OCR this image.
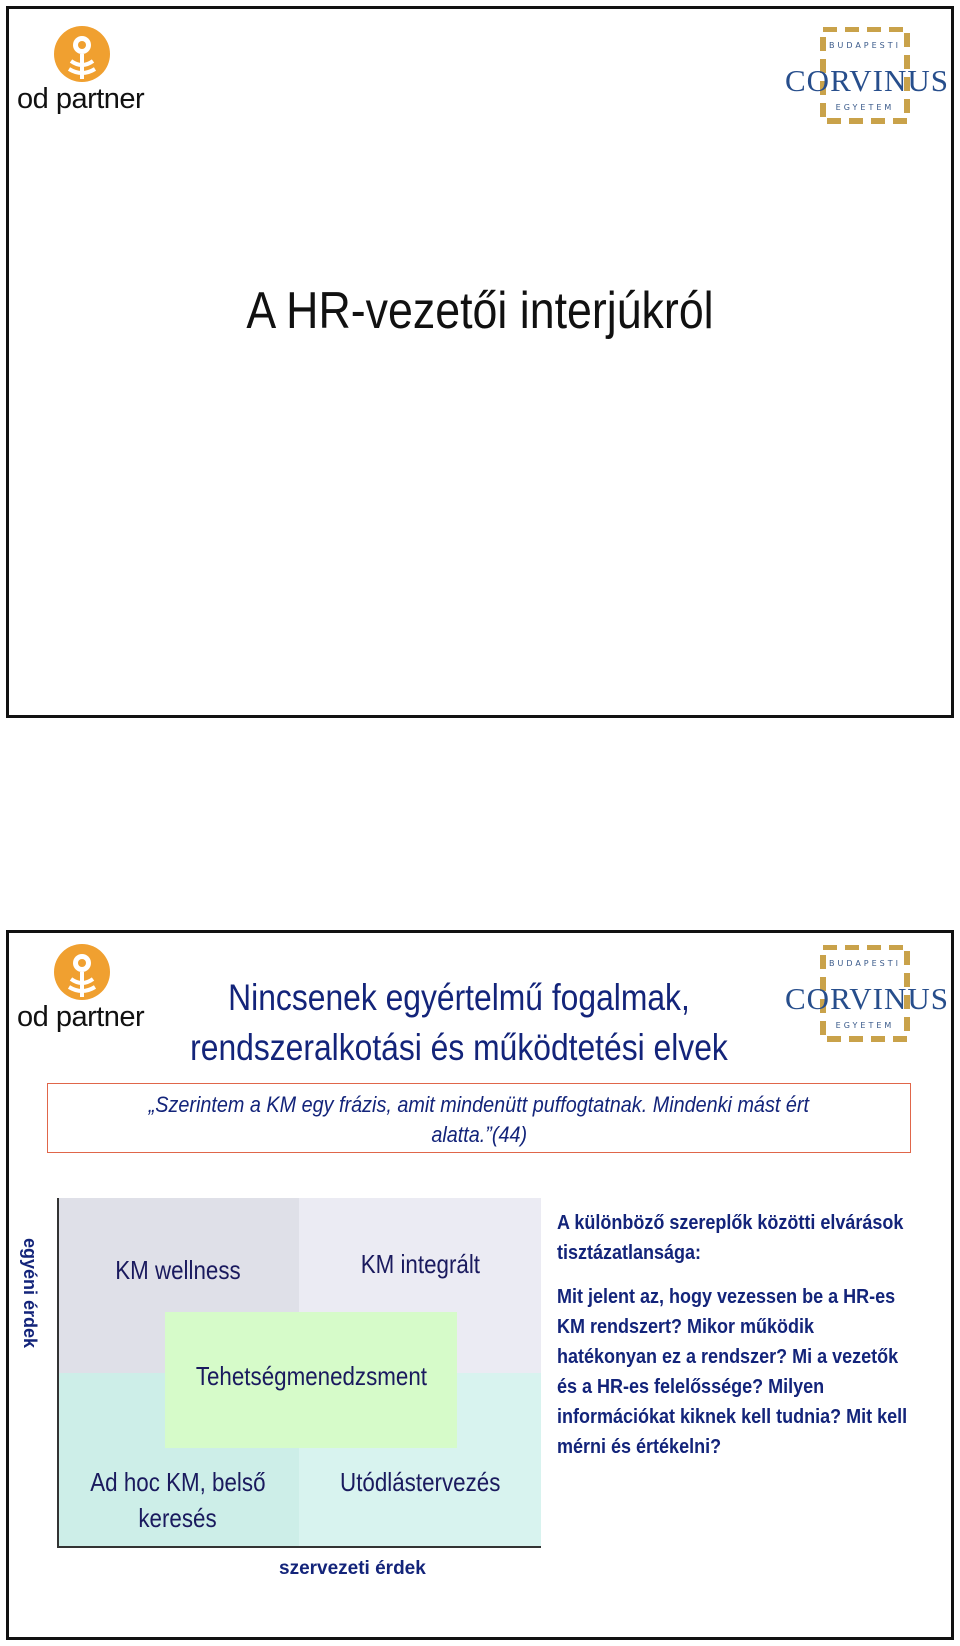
od partner
BUDAPESTI
CORVINUS
EGYETEM
A HR-vezetői interjúkról
od partner
BUDAPESTI
CORVINUS
EGYETEM
Nincsenek egyértelmű fogalmak,
rendszeralkotási és működtetési elvek
„Szerintem a KM egy frázis, amit mindenütt puffogtatnak. Mindenki mást ért
alatta.”(44)
KM wellness	KM integrált
Tehetségmenedzsment
Ad hoc KM, belső
keresés
Utódlástervezés
egyéni érdek
szervezeti érdek

A különböző szereplők közötti elvárások tisztázatlansága:

Mit jelent az, hogy vezessen be a HR-es KM rendszert? Mikor működik hatékonyan ez a rendszer? Mi a vezetők és a HR-es felelőssége? Milyen információkat kiknek kell tudnia? Mit kell mérni és értékelni?
